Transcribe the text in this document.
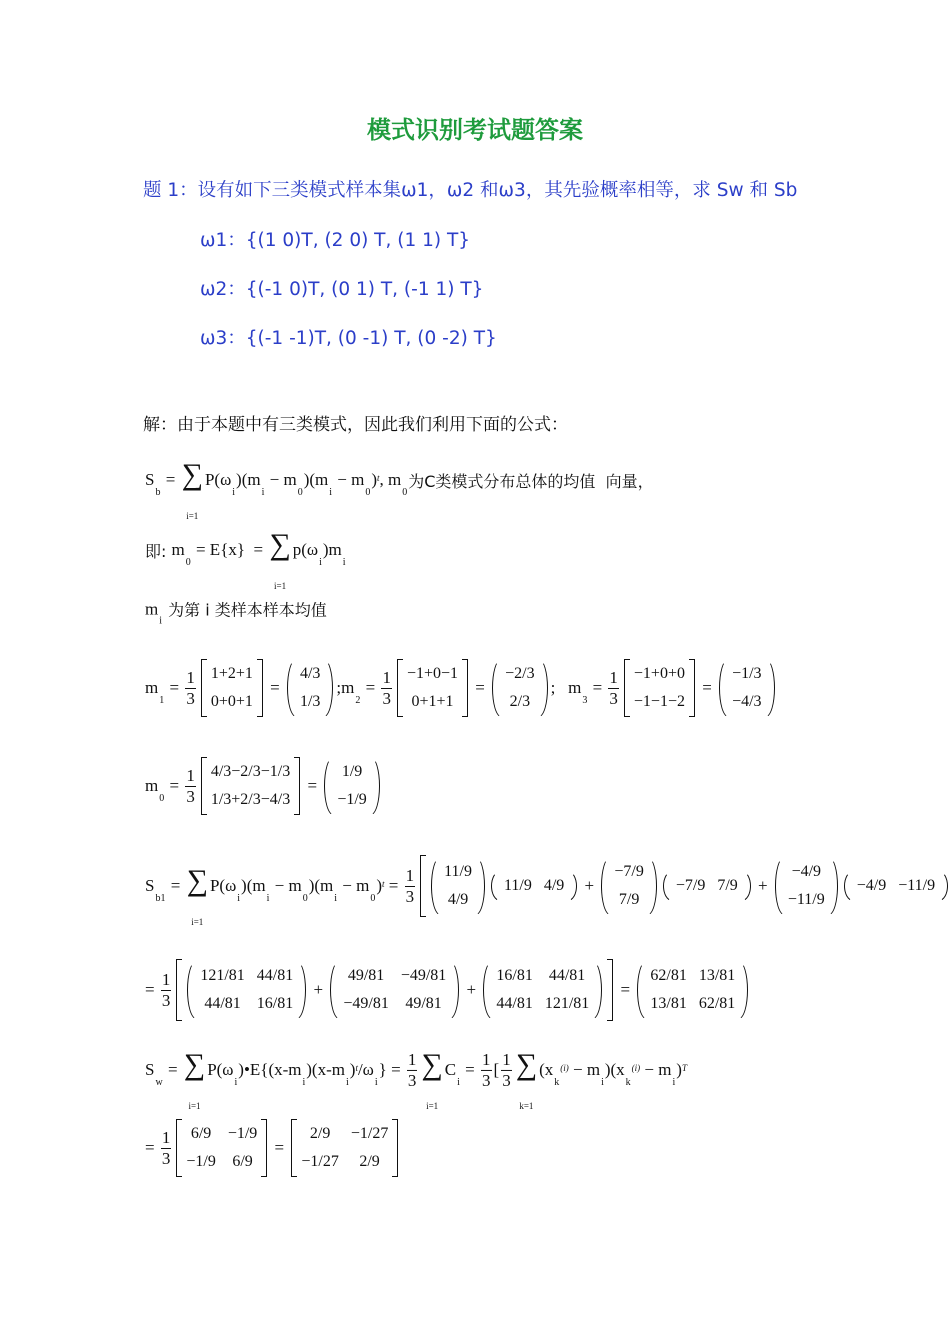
模式识别考试题答案
题 1：设有如下三类模式样本集ω1，ω2 和ω3，其先验概率相等，求 Sw 和 Sb
ω1：{(1 0)T, (2 0) T, (1 1) T}
ω2：{(-1 0)T, (0 1) T, (-1 1) T}
ω3：{(-1 -1)T, (0 -1) T, (0 -2) T}
解：由于本题中有三类模式，因此我们利用下面的公式：
S
b
= ∑
i=1
P(ω
i
)(m
i
− m
0
)(m
i
− m
0
) t , m
0
为C类模式分布总体的均值  向量，
即: m
0
= E{x}  = ∑
i=1
p(ω
i
)m
i
m
i
为第 i 类样本样本均值
m
1
= $\frac{1}{3} 1+2+1$
0+0+1
=
4/3
1/3
;m
2
= $\frac{1}{3} -1+0-1$
0+1+1
=
−2/3
2/3
;   m
3
= $\frac{1}{3} -1+0+0$
−1−1−2
=
−1/3
−4/3
m
0
= $\frac{1}{3} 4/3-2/3-1/3$
1/3+2/3−4/3
=
1/9
−1/9
S
b1
= ∑
i=1
P(ω
i
)(m
i
− m
0
)(m
i
− m
0
) $t = \frac{1}{3} 11/9$
4/9
11/9 4/9 +
−7/9
7/9
−7/9 7/9 +
−4/9
−11/9
−4/9 −11/9
= $\frac{1}{3} 121/81$ 44/81
44/81 16/81
+
49/81 −49/81
−49/81 49/81
+
16/81 44/81
44/81 121/81
=
62/81 13/81
13/81 62/81
S
w
= ∑
i=1
P(ω
i
)•E{(x-m
i
)(x-m
i
) t /ω
i
} = $\frac{1}{3}$ ∑
i=1
C
i
= $\frac{1}{3}$ [ $\frac{1}{3}$ ∑
k=1
(x
k
(i) − m
i
)(x
k
(i) − m
i
) T
= $\frac{1}{3} 6/9 -1/9$
−1/9 6/9
=
2/9 −1/27
−1/27 2/9
